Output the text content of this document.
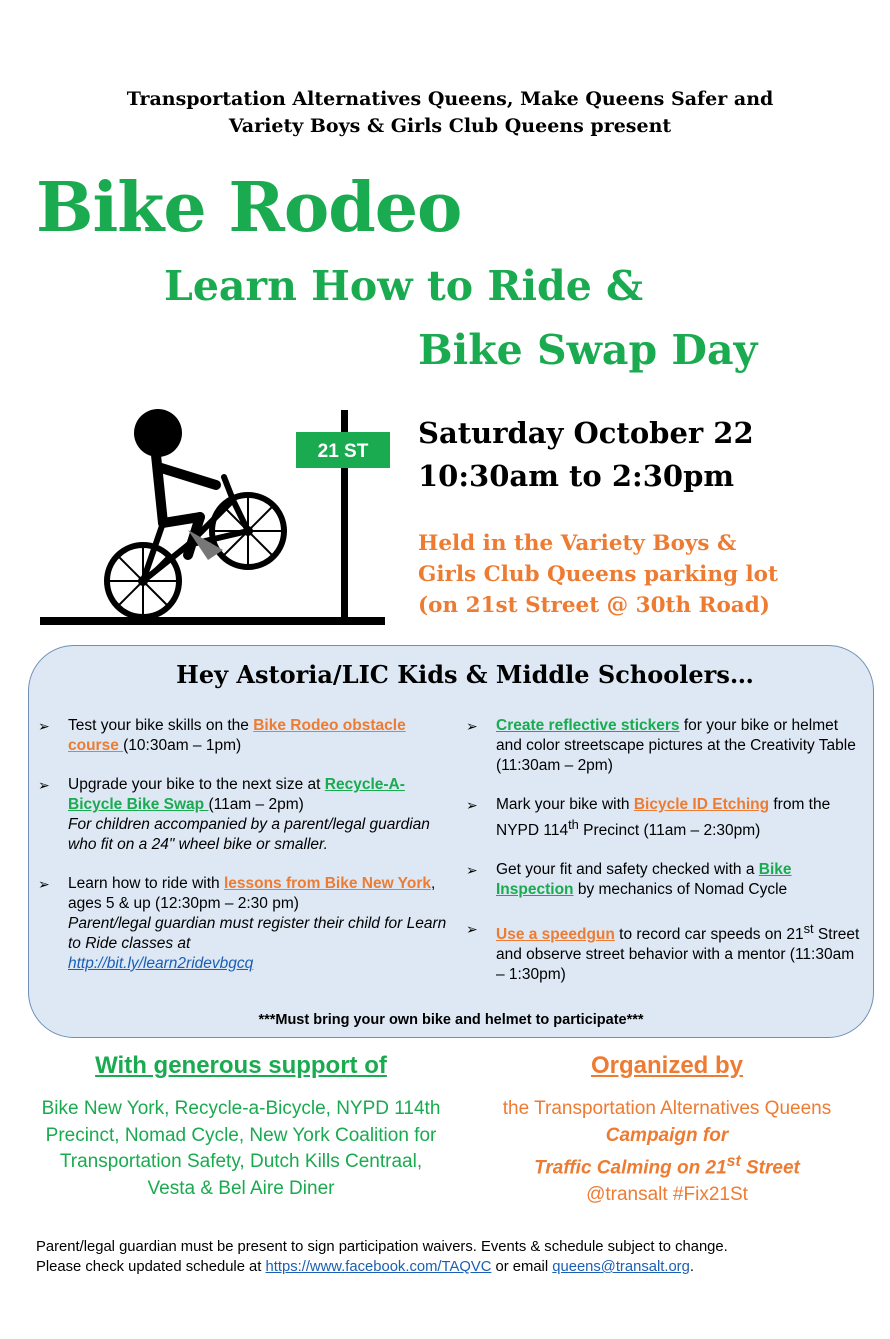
Transportation Alternatives Queens, Make Queens Safer and
Variety Boys & Girls Club Queens present
Bike Rodeo
Learn How to Ride &
Bike Swap Day
21 ST
Saturday October 22
10:30am to 2:30pm
Held in the Variety Boys &
Girls Club Queens parking lot
(on 21st Street @ 30th Road)
Hey Astoria/LIC Kids & Middle Schoolers…
➢ Test your bike skills on the Bike Rodeo obstacle course (10:30am – 1pm)
➢ Upgrade your bike to the next size at Recycle-A-Bicycle Bike Swap (11am – 2pm)
For children accompanied by a parent/legal guardian who fit on a 24" wheel bike or smaller.
➢ Learn how to ride with lessons from Bike New York, ages 5 & up (12:30pm – 2:30 pm)
Parent/legal guardian must register their child for Learn to Ride classes at
http://bit.ly/learn2ridevbgcq
➢ Create reflective stickers for your bike or helmet and color streetscape pictures at the Creativity Table (11:30am – 2pm)
➢ Mark your bike with Bicycle ID Etching from the NYPD 114th Precinct (11am – 2:30pm)
➢ Get your fit and safety checked with a Bike Inspection by mechanics of Nomad Cycle
➢ Use a speedgun to record car speeds on 21st Street and observe street behavior with a mentor (11:30am – 1:30pm)
***Must bring your own bike and helmet to participate***
With generous support of
Bike New York, Recycle-a-Bicycle, NYPD 114th Precinct, Nomad Cycle, New York Coalition for Transportation Safety, Dutch Kills Centraal, Vesta & Bel Aire Diner
Organized by
the Transportation Alternatives Queens
Campaign for
Traffic Calming on 21st Street
@transalt #Fix21St
Parent/legal guardian must be present to sign participation waivers. Events & schedule subject to change.
Please check updated schedule at https://www.facebook.com/TAQVC or email queens@transalt.org.
